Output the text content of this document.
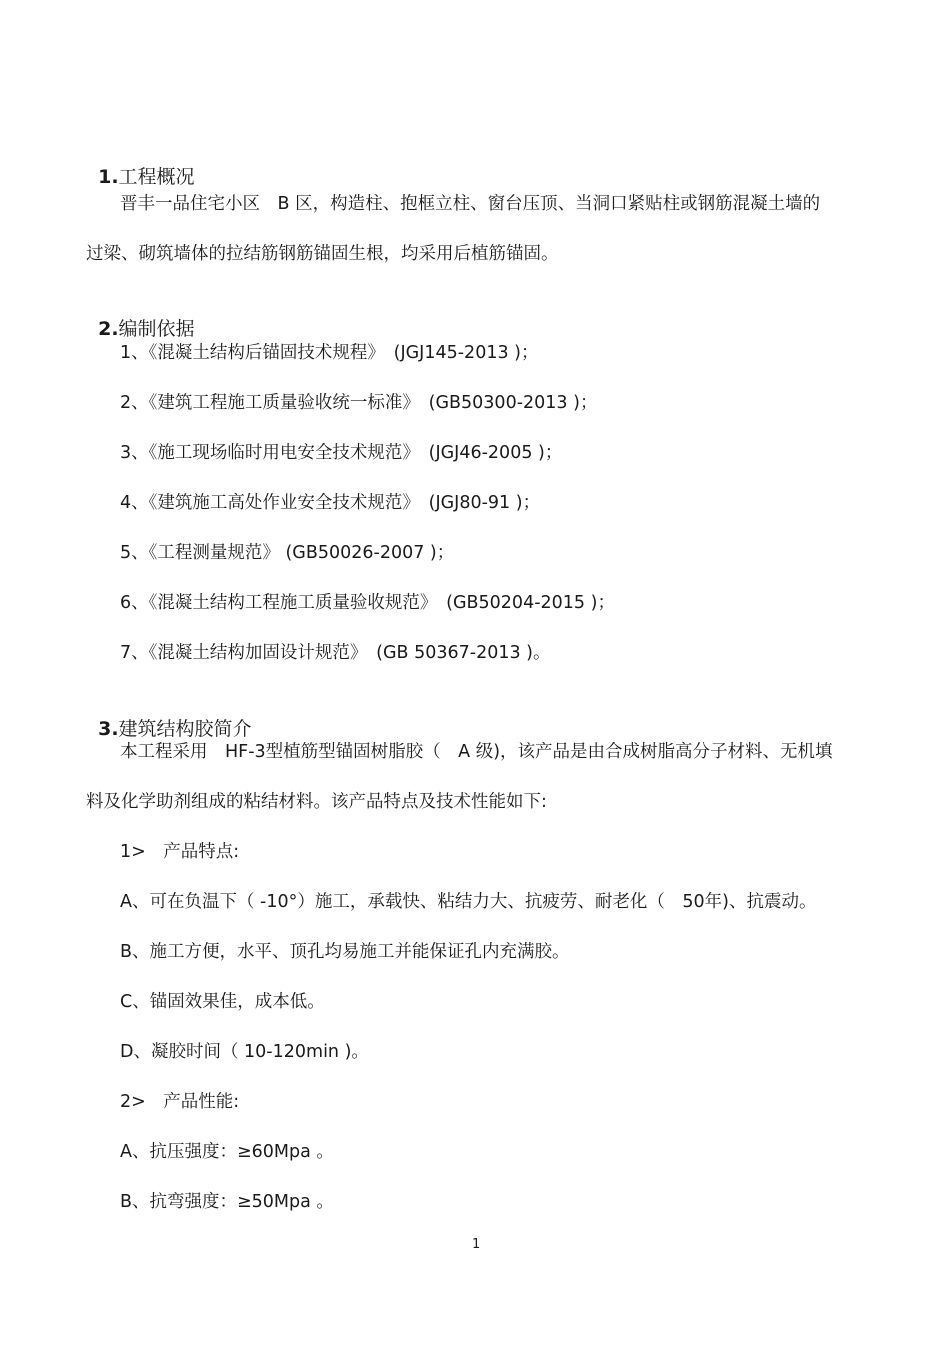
1.工程概况

晋丰一品住宅小区　B 区，构造柱、抱框立柱、窗台压顶、当洞口紧贴柱或钢筋混凝土墙的
过梁、砌筑墙体的拉结筋钢筋锚固生根，均采用后植筋锚固。

2.编制依据

1、《混凝土结构后锚固技术规程》　(JGJ145-2013 )；
2、《建筑工程施工质量验收统一标准》　(GB50300-2013 )；
3、《施工现场临时用电安全技术规范》　(JGJ46-2005 )；
4、《建筑施工高处作业安全技术规范》　(JGJ80-91 )；
5、《工程测量规范》 (GB50026-2007 )；
6、《混凝土结构工程施工质量验收规范》　(GB50204-2015 )；
7、《混凝土结构加固设计规范》　(GB 50367-2013 )。

3.建筑结构胶简介

本工程采用　HF-3型植筋型锚固树脂胶（　A 级)，该产品是由合成树脂高分子材料、无机填
料及化学助剂组成的粘结材料。该产品特点及技术性能如下:
1>　产品特点:
A、可在负温下（ -10°）施工，承载快、粘结力大、抗疲劳、耐老化（　50年)、抗震动。
B、施工方便，水平、顶孔均易施工并能保证孔内充满胶。
C、锚固效果佳，成本低。
D、凝胶时间（ 10-120min )。
2>　产品性能:
A、抗压强度：≥60Mpa 。
B、抗弯强度：≥50Mpa 。
1
